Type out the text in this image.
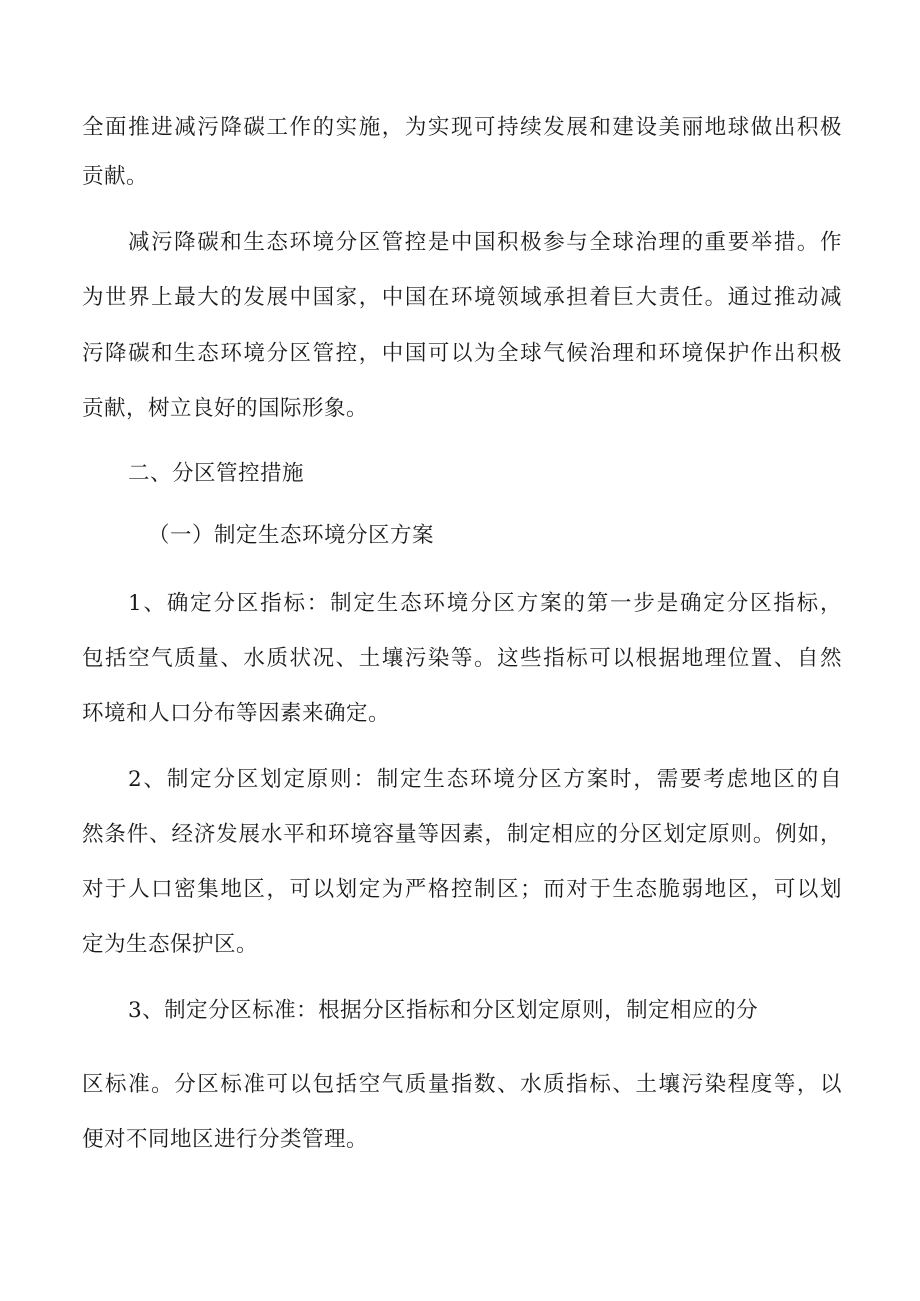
全面推进减污降碳工作的实施，为实现可持续发展和建设美丽地球做出积极
贡献。
减污降碳和生态环境分区管控是中国积极参与全球治理的重要举措。作
为世界上最大的发展中国家，中国在环境领域承担着巨大责任。通过推动减
污降碳和生态环境分区管控，中国可以为全球气候治理和环境保护作出积极
贡献，树立良好的国际形象。
二、分区管控措施
（一）制定生态环境分区方案
1、确定分区指标：制定生态环境分区方案的第一步是确定分区指标，
包括空气质量、水质状况、土壤污染等。这些指标可以根据地理位置、自然
环境和人口分布等因素来确定。
2、制定分区划定原则：制定生态环境分区方案时，需要考虑地区的自
然条件、经济发展水平和环境容量等因素，制定相应的分区划定原则。例如，
对于人口密集地区，可以划定为严格控制区；而对于生态脆弱地区，可以划
定为生态保护区。
3、制定分区标准：根据分区指标和分区划定原则，制定相应的分
区标准。分区标准可以包括空气质量指数、水质指标、土壤污染程度等，以
便对不同地区进行分类管理。
